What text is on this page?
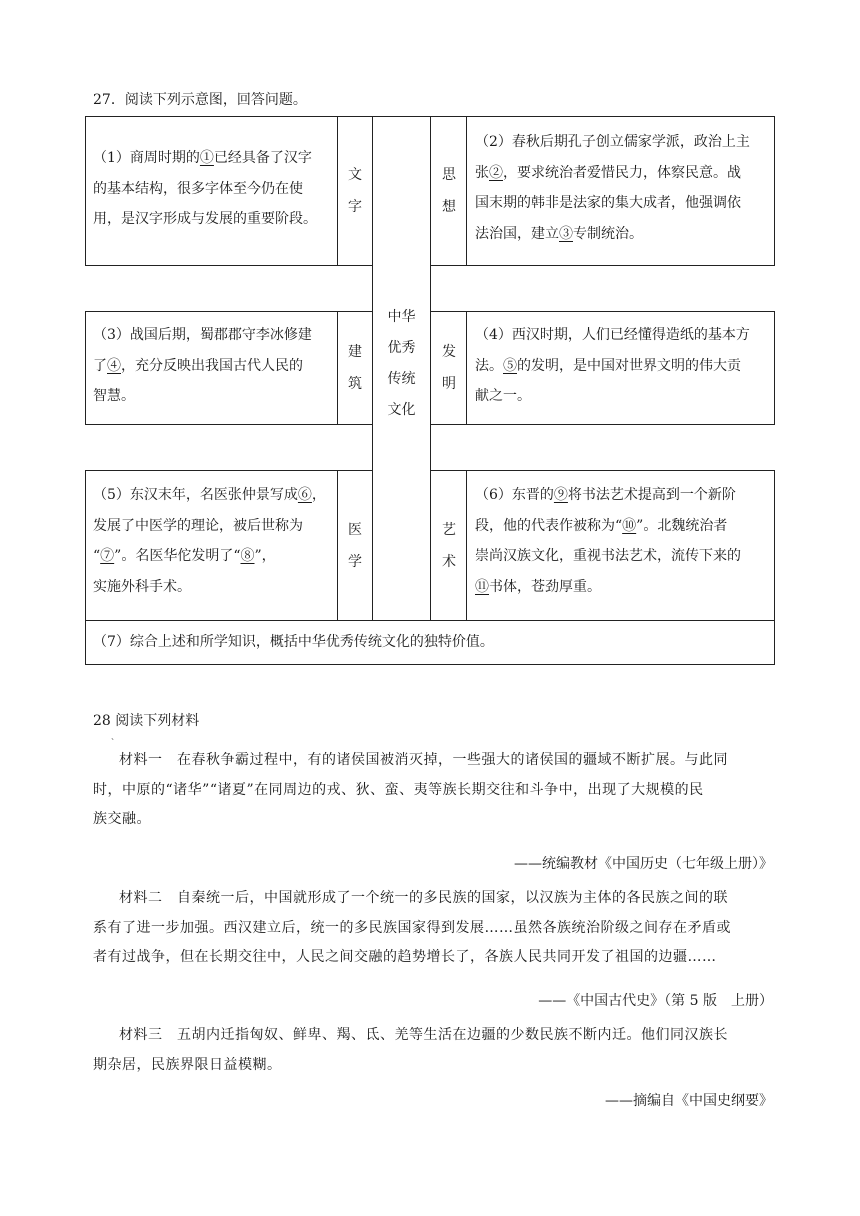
27．阅读下列示意图，回答问题。
中华
优秀
传统
文化
文
字
（1）商周时期的①已经具备了汉字
的基本结构，很多字体至今仍在使
用，是汉字形成与发展的重要阶段。
思
想
（2）春秋后期孔子创立儒家学派，政治上主
张②，要求统治者爱惜民力，体察民意。战
国末期的韩非是法家的集大成者，他强调依
法治国，建立③专制统治。
建
筑
（3）战国后期，蜀郡郡守李冰修建
了④，充分反映出我国古代人民的
智慧。
发
明
（4）西汉时期，人们已经懂得造纸的基本方
法。⑤的发明，是中国对世界文明的伟大贡
献之一。
医
学
（5）东汉末年，名医张仲景写成⑥，
发展了中医学的理论，被后世称为
“⑦”。名医华佗发明了“⑧”，
实施外科手术。
艺
术
（6）东晋的⑨将书法艺术提高到一个新阶
段，他的代表作被称为“⑩”。北魏统治者
崇尚汉族文化，重视书法艺术，流传下来的
⑪书体，苍劲厚重。
（7）综合上述和所学知识，概括中华优秀传统文化的独特价值。
28 阅读下列材料
、
材料一　在春秋争霸过程中，有的诸侯国被消灭掉，一些强大的诸侯国的疆域不断扩展。与此同
时，中原的“诸华”“诸夏”在同周边的戎、狄、蛮、夷等族长期交往和斗争中，出现了大规模的民
族交融。
——统编教材《中国历史（七年级上册）》
材料二　自秦统一后，中国就形成了一个统一的多民族的国家，以汉族为主体的各民族之间的联
系有了进一步加强。西汉建立后，统一的多民族国家得到发展……虽然各族统治阶级之间存在矛盾或
者有过战争，但在长期交往中，人民之间交融的趋势增长了，各族人民共同开发了祖国的边疆……
——《中国古代史》（第 5 版　上册）
材料三　五胡内迁指匈奴、鲜卑、羯、氐、羌等生活在边疆的少数民族不断内迁。他们同汉族长
期杂居，民族界限日益模糊。
——摘编自《中国史纲要》
